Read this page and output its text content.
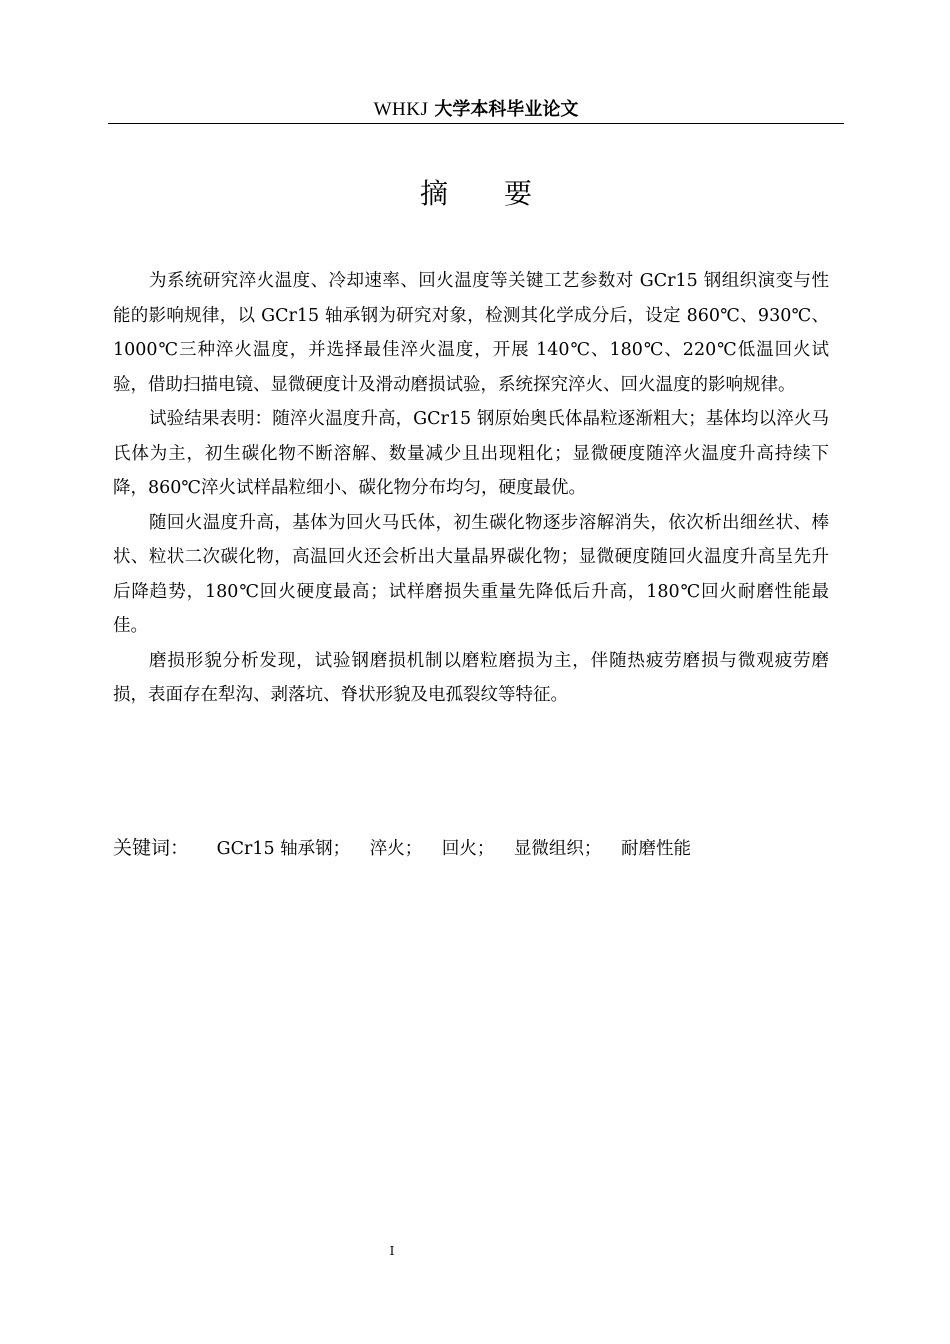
WHKJ 大学本科毕业论文
摘要

为系统研究淬火温度、冷却速率、回火温度等关键工艺参数对 GCr15 钢组织演变与性能的影响规律，以 GCr15 轴承钢为研究对象，检测其化学成分后，设定 860℃、930℃、1000℃三种淬火温度，并选择最佳淬火温度，开展 140℃、180℃、220℃低温回火试验，借助扫描电镜、显微硬度计及滑动磨损试验，系统探究淬火、回火温度的影响规律。

试验结果表明：随淬火温度升高，GCr15 钢原始奥氏体晶粒逐渐粗大；基体均以淬火马氏体为主，初生碳化物不断溶解、数量减少且出现粗化；显微硬度随淬火温度升高持续下降，860℃淬火试样晶粒细小、碳化物分布均匀，硬度最优。

随回火温度升高，基体为回火马氏体，初生碳化物逐步溶解消失，依次析出细丝状、棒状、粒状二次碳化物，高温回火还会析出大量晶界碳化物；显微硬度随回火温度升高呈先升后降趋势，180℃回火硬度最高；试样磨损失重量先降低后升高，180℃回火耐磨性能最佳。

磨损形貌分析发现，试验钢磨损机制以磨粒磨损为主，伴随热疲劳磨损与微观疲劳磨损，表面存在犁沟、剥落坑、脊状形貌及电孤裂纹等特征。

关键词： GCr15 轴承钢； 淬火； 回火； 显微组织； 耐磨性能
I
